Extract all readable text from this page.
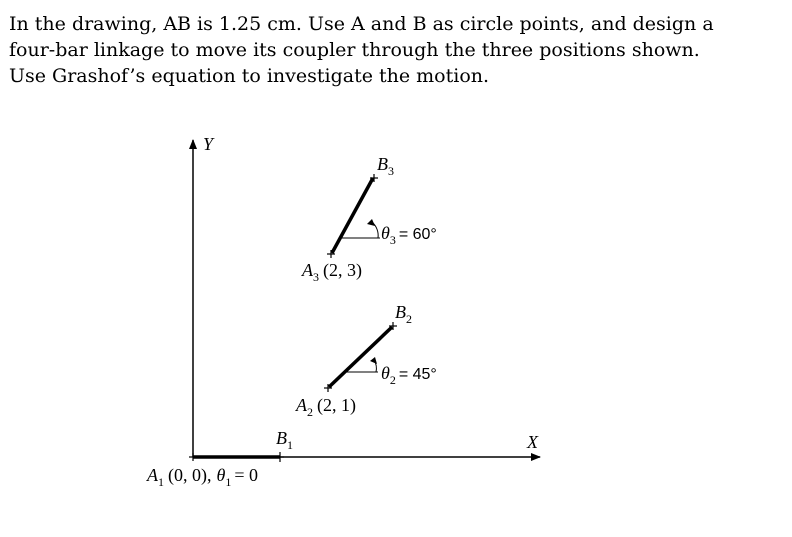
In the drawing, AB is 1.25 cm. Use A and B as circle points, and design a
four-bar linkage to move its coupler through the three positions shown.
Use Grashof’s equation to investigate the motion.
Y
X
$B_1$
$A_1$ (0, 0), $\theta_1 = 0$
$B_2$
$\theta_2 = 45^\circ$
$A_2$ (2, 1)
$B_3$
$\theta_3 = 60^\circ$
$A_3$ (2, 3)
